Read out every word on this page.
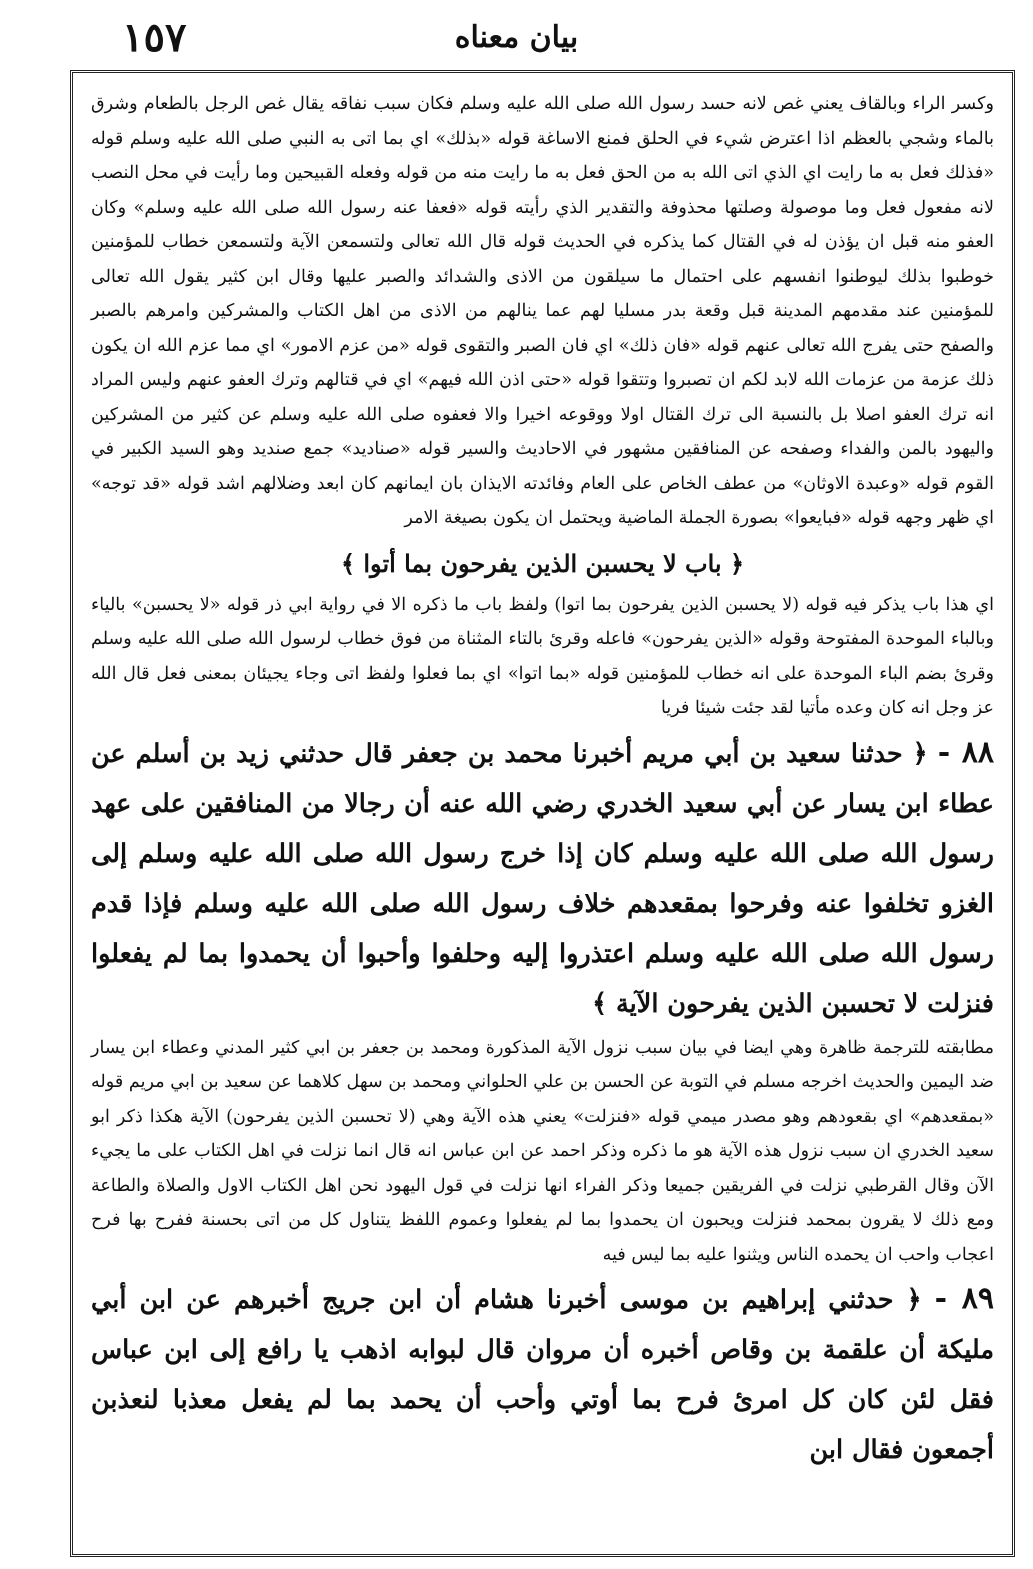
١٥٧	بيان معناه

وكسر الراء وبالقاف يعني غص لانه حسد رسول الله صلى الله عليه وسلم فكان سبب نفاقه يقال غص الرجل بالطعام وشرق بالماء وشجي بالعظم اذا اعترض شيء في الحلق فمنع الاساغة قوله «بذلك» اي بما اتى به النبي صلى الله عليه وسلم قوله «فذلك فعل به ما رايت اي الذي اتى الله به من الحق فعل به ما رايت منه من قوله وفعله القبيحين وما رأيت في محل النصب لانه مفعول فعل وما موصولة وصلتها محذوفة والتقدير الذي رأيته قوله «فعفا عنه رسول الله صلى الله عليه وسلم» وكان العفو منه قبل ان يؤذن له في القتال كما يذكره في الحديث قوله قال الله تعالى ولتسمعن الآية ولتسمعن خطاب للمؤمنين خوطبوا بذلك ليوطنوا انفسهم على احتمال ما سيلقون من الاذى والشدائد والصبر عليها وقال ابن كثير يقول الله تعالى للمؤمنين عند مقدمهم المدينة قبل وقعة بدر مسليا لهم عما ينالهم من الاذى من اهل الكتاب والمشركين وامرهم بالصبر والصفح حتى يفرج الله تعالى عنهم قوله «فان ذلك» اي فان الصبر والتقوى قوله «من عزم الامور» اي مما عزم الله ان يكون ذلك عزمة من عزمات الله لابد لكم ان تصبروا وتتقوا قوله «حتى اذن الله فيهم» اي في قتالهم وترك العفو عنهم وليس المراد انه ترك العفو اصلا بل بالنسبة الى ترك القتال اولا ووقوعه اخيرا والا فعفوه صلى الله عليه وسلم عن كثير من المشركين واليهود بالمن والفداء وصفحه عن المنافقين مشهور في الاحاديث والسير قوله «صناديد» جمع صنديد وهو السيد الكبير في القوم قوله «وعبدة الاوثان» من عطف الخاص على العام وفائدته الايذان بان ايمانهم كان ابعد وضلالهم اشد قوله «قد توجه» اي ظهر وجهه قوله «فبايعوا» بصورة الجملة الماضية ويحتمل ان يكون بصيغة الامر

﴿ باب لا يحسبن الذين يفرحون بما أتوا ﴾

اي هذا باب يذكر فيه قوله (لا يحسبن الذين يفرحون بما اتوا) ولفظ باب ما ذكره الا في رواية ابي ذر قوله «لا يحسبن» بالياء وبالباء الموحدة المفتوحة وقوله «الذين يفرحون» فاعله وقرئ بالتاء المثناة من فوق خطاب لرسول الله صلى الله عليه وسلم وقرئ بضم الباء الموحدة على انه خطاب للمؤمنين قوله «بما اتوا» اي بما فعلوا ولفظ اتى وجاء يجيئان بمعنى فعل قال الله عز وجل انه كان وعده مأتيا لقد جئت شيئا فريا

٨٨ - ﴿ حدثنا سعيد بن أبي مريم أخبرنا محمد بن جعفر قال حدثني زيد بن أسلم عن عطاء ابن يسار عن أبي سعيد الخدري رضي الله عنه أن رجالا من المنافقين على عهد رسول الله صلى الله عليه وسلم كان إذا خرج رسول الله صلى الله عليه وسلم إلى الغزو تخلفوا عنه وفرحوا بمقعدهم خلاف رسول الله صلى الله عليه وسلم فإذا قدم رسول الله صلى الله عليه وسلم اعتذروا إليه وحلفوا وأحبوا أن يحمدوا بما لم يفعلوا فنزلت لا تحسبن الذين يفرحون الآية ﴾

مطابقته للترجمة ظاهرة وهي ايضا في بيان سبب نزول الآية المذكورة ومحمد بن جعفر بن ابي كثير المدني وعطاء ابن يسار ضد اليمين والحديث اخرجه مسلم في التوبة عن الحسن بن علي الحلواني ومحمد بن سهل كلاهما عن سعيد بن ابي مريم قوله «بمقعدهم» اي بقعودهم وهو مصدر ميمي قوله «فنزلت» يعني هذه الآية وهي (لا تحسبن الذين يفرحون) الآية هكذا ذكر ابو سعيد الخدري ان سبب نزول هذه الآية هو ما ذكره وذكر احمد عن ابن عباس انه قال انما نزلت في اهل الكتاب على ما يجيء الآن وقال القرطبي نزلت في الفريقين جميعا وذكر الفراء انها نزلت في قول اليهود نحن اهل الكتاب الاول والصلاة والطاعة ومع ذلك لا يقرون بمحمد فنزلت ويحبون ان يحمدوا بما لم يفعلوا وعموم اللفظ يتناول كل من اتى بحسنة ففرح بها فرح اعجاب واحب ان يحمده الناس ويثنوا عليه بما ليس فيه

٨٩ - ﴿ حدثني إبراهيم بن موسى أخبرنا هشام أن ابن جريج أخبرهم عن ابن أبي مليكة أن علقمة بن وقاص أخبره أن مروان قال لبوابه اذهب يا رافع إلى ابن عباس فقل لئن كان كل امرئ فرح بما أوتي وأحب أن يحمد بما لم يفعل معذبا لنعذبن أجمعون فقال ابن
